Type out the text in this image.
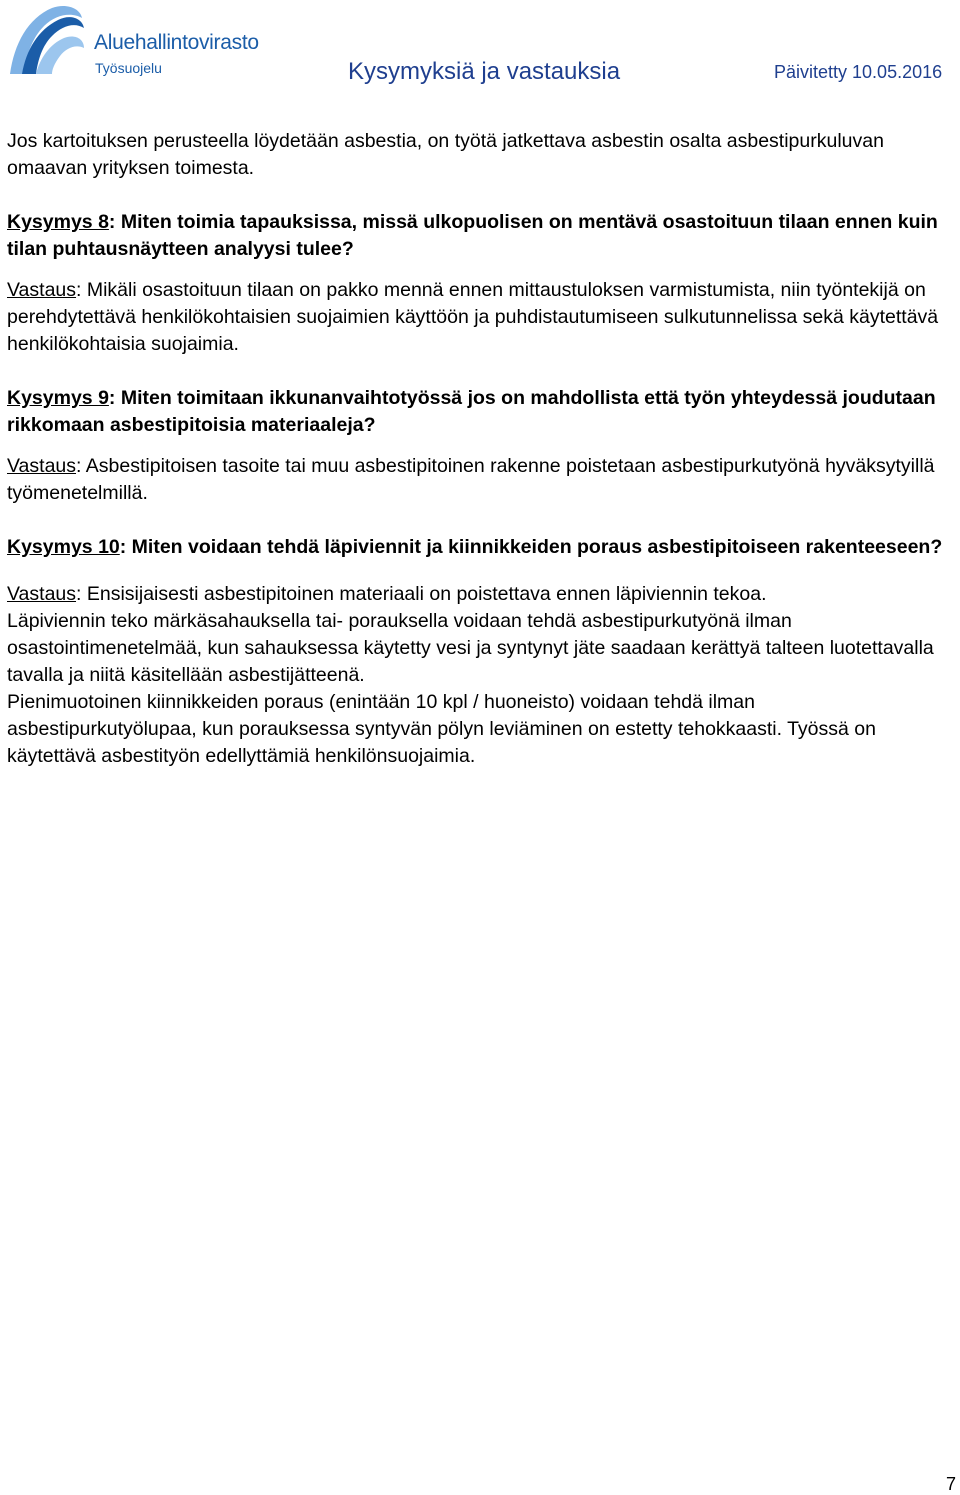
Aluehallintovirasto
Työsuojelu	Kysymyksiä ja vastauksia	Päivitetty 10.05.2016

Jos kartoituksen perusteella löydetään asbestia, on työtä jatkettava asbestin osalta asbestipurkuluvan omaavan yrityksen toimesta.

Kysymys 8: Miten toimia tapauksissa, missä ulkopuolisen on mentävä osastoituun tilaan ennen kuin tilan puhtausnäytteen analyysi tulee?

Vastaus: Mikäli osastoituun tilaan on pakko mennä ennen mittaustuloksen varmistumista, niin työntekijä on perehdytettävä henkilökohtaisien suojaimien käyttöön ja puhdistautumiseen sulkutunnelissa sekä käytettävä henkilökohtaisia suojaimia.

Kysymys 9: Miten toimitaan ikkunanvaihtotyössä jos on mahdollista että työn yhteydessä joudutaan rikkomaan asbestipitoisia materiaaleja?

Vastaus: Asbestipitoisen tasoite tai muu asbestipitoinen rakenne poistetaan asbestipurkutyönä hyväksytyillä työmenetelmillä.

Kysymys 10: Miten voidaan tehdä läpiviennit ja kiinnikkeiden poraus asbestipitoiseen rakenteeseen?

Vastaus: Ensisijaisesti asbestipitoinen materiaali on poistettava ennen läpiviennin tekoa.

Läpiviennin teko märkäsahauksella tai- porauksella voidaan tehdä asbestipurkutyönä ilman osastointimenetelmää, kun sahauksessa käytetty vesi ja syntynyt jäte saadaan kerättyä talteen luotettavalla tavalla ja niitä käsitellään asbestijätteenä.

Pienimuotoinen kiinnikkeiden poraus (enintään 10 kpl / huoneisto) voidaan tehdä ilman asbestipurkutyölupaa, kun porauksessa syntyvän pölyn leviäminen on estetty tehokkaasti. Työssä on käytettävä asbestityön edellyttämiä henkilönsuojaimia.

7
